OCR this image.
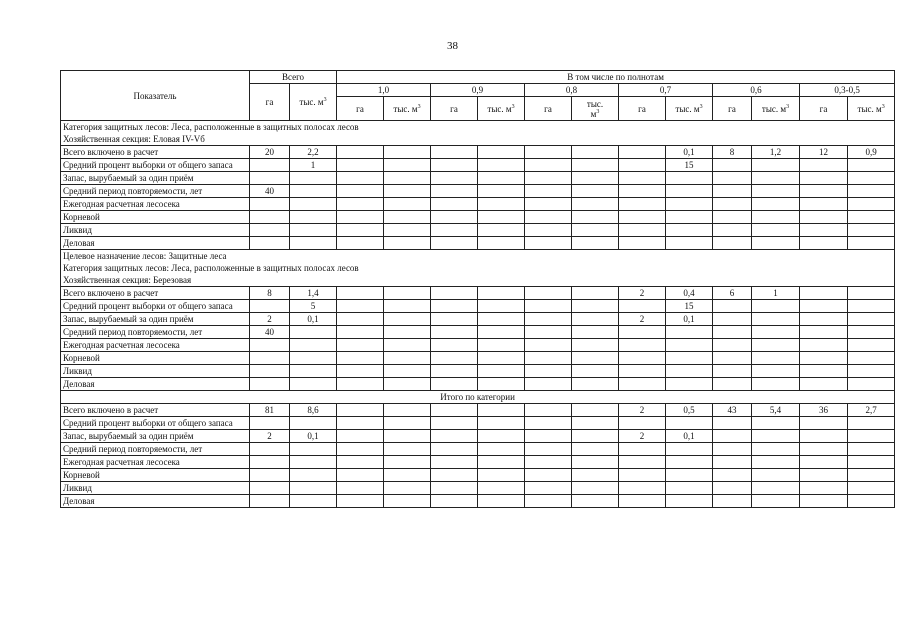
38
Показатель	Всего		В том числе по полнотам											
	га	тыс. $м^3$	1,0		0,9		0,8		0,7		0,6		0,3-0,5	
			га	тыс. $м^3$	га	тыс. $м^3$	га	тыс.
$м^3$	га	тыс. $м^3$	га	тыс. $м^3$	га	тыс. $м^3$
Категория защитных лесов: Леса, расположенные в защитных полосах лесов														
Хозяйственная секция: Еловая IV-Vб														
Всего включено в расчет	20	2,2								0,1	8	1,2	12	0,9
Средний процент выборки от общего запаса		1								15				
Запас, вырубаемый за один приём														
Средний период повторяемости, лет	40													
Ежегодная расчетная лесосека														
Корневой														
Ликвид														
Деловая														
Целевое назначение лесов: Защитные леса														
Категория защитных лесов: Леса, расположенные в защитных полосах лесов														
Хозяйственная секция: Березовая														
Всего включено в расчет	8	1,4							2	0,4	6	1		
Средний процент выборки от общего запаса		5								15				
Запас, вырубаемый за один приём	2	0,1							2	0,1				
Средний период повторяемости, лет	40													
Ежегодная расчетная лесосека														
Корневой														
Ликвид														
Деловая														
Итого по категории														
Всего включено в расчет	81	8,6							2	0,5	43	5,4	36	2,7
Средний процент выборки от общего запаса														
Запас, вырубаемый за один приём	2	0,1							2	0,1				
Средний период повторяемости, лет														
Ежегодная расчетная лесосека														
Корневой														
Ликвид														
Деловая														
